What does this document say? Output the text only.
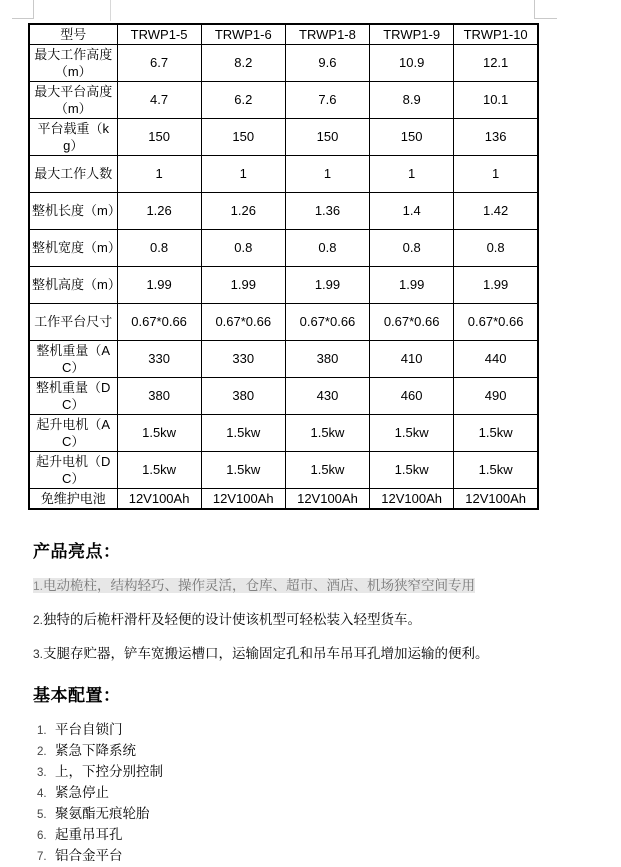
型号	TRWP1-5	TRWP1-6	TRWP1-8	TRWP1-9	TRWP1-10
最大工作高度（m）	6.7	8.2	9.6	10.9	12.1
最大平台高度（m）	4.7	6.2	7.6	8.9	10.1
平台载重（kg）	150	150	150	150	136
最大工作人数	1	1	1	1	1
整机长度（m）	1.26	1.26	1.36	1.4	1.42
整机宽度（m）	0.8	0.8	0.8	0.8	0.8
整机高度（m）	1.99	1.99	1.99	1.99	1.99
工作平台尺寸	0.67*0.66	0.67*0.66	0.67*0.66	0.67*0.66	0.67*0.66
整机重量（AC）	330	330	380	410	440
整机重量（DC）	380	380	430	460	490
起升电机（AC）	1.5kw	1.5kw	1.5kw	1.5kw	1.5kw
起升电机（DC）	1.5kw	1.5kw	1.5kw	1.5kw	1.5kw
免维护电池	12V100Ah	12V100Ah	12V100Ah	12V100Ah	12V100Ah
产品亮点：
1.电动桅柱，结构轻巧、操作灵活，仓库、超市、酒店、机场狭窄空间专用
2.独特的后桅杆滑杆及轻便的设计使该机型可轻松装入轻型货车。
3.支腿存贮器，铲车宽搬运槽口，运输固定孔和吊车吊耳孔增加运输的便利。
基本配置：
1. 平台自锁门
2. 紧急下降系统
3. 上，下控分别控制
4. 紧急停止
5. 聚氨酯无痕轮胎
6. 起重吊耳孔
7. 铝合金平台
